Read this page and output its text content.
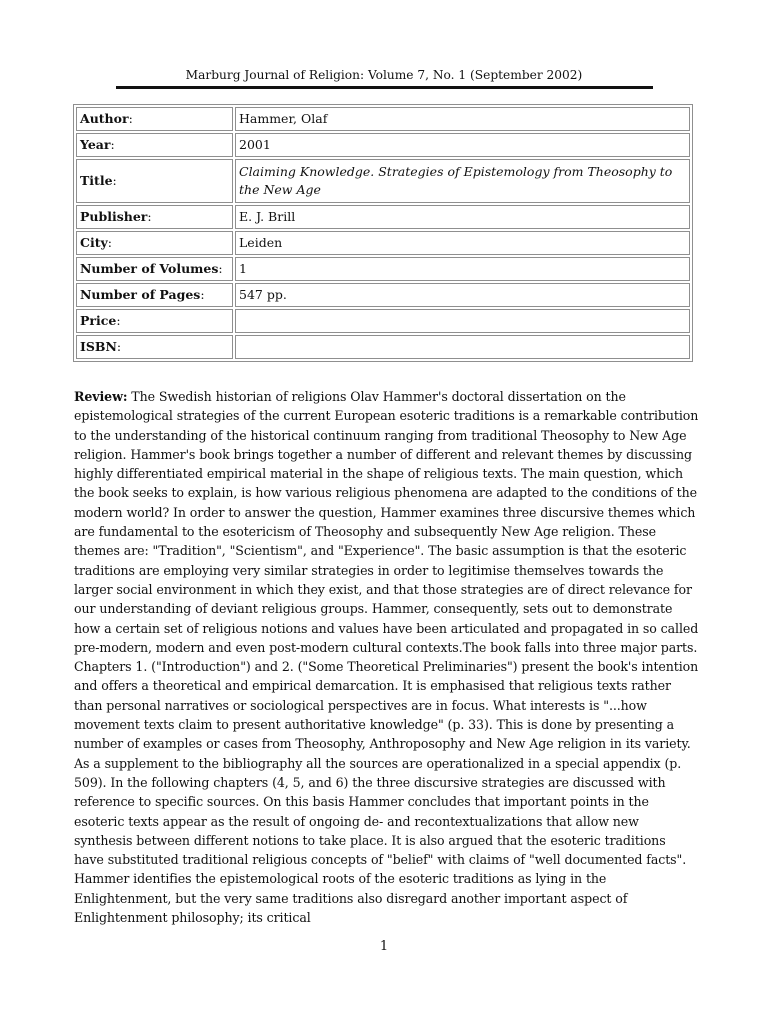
Marburg Journal of Religion: Volume 7, No. 1 (September 2002)
Author:	Hammer, Olaf
Year:	2001
Title:	Claiming Knowledge. Strategies of Epistemology from Theosophy to the New Age
Publisher:	E. J. Brill
City:	Leiden
Number of Volumes:	1
Number of Pages:	547 pp.
Price:	
ISBN:	

Review: The Swedish historian of religions Olav Hammer's doctoral dissertation on the epistemological strategies of the current European esoteric traditions is a remarkable contribution to the understanding of the historical continuum ranging from traditional Theosophy to New Age religion. Hammer's book brings together a number of different and relevant themes by discussing highly differentiated empirical material in the shape of religious texts. The main question, which the book seeks to explain, is how various religious phenomena are adapted to the conditions of the modern world? In order to answer the question, Hammer examines three discursive themes which are fundamental to the esotericism of Theosophy and subsequently New Age religion. These themes are: "Tradition", "Scientism", and "Experience". The basic assumption is that the esoteric traditions are employing very similar strategies in order to legitimise themselves towards the larger social environment in which they exist, and that those strategies are of direct relevance for our understanding of deviant religious groups. Hammer, consequently, sets out to demonstrate how a certain set of religious notions and values have been articulated and propagated in so called pre-modern, modern and even post-modern cultural contexts.The book falls into three major parts. Chapters 1. ("Introduction") and 2. ("Some Theoretical Preliminaries") present the book's intention and offers a theoretical and empirical demarcation. It is emphasised that religious texts rather than personal narratives or sociological perspectives are in focus. What interests is "...how movement texts claim to present authoritative knowledge" (p. 33). This is done by presenting a number of examples or cases from Theosophy, Anthroposophy and New Age religion in its variety. As a supplement to the bibliography all the sources are operationalized in a special appendix (p. 509). In the following chapters (4, 5, and 6) the three discursive strategies are discussed with reference to specific sources. On this basis Hammer concludes that important points in the esoteric texts appear as the result of ongoing de- and recontextualizations that allow new synthesis between different notions to take place. It is also argued that the esoteric traditions have substituted traditional religious concepts of "belief" with claims of "well documented facts". Hammer identifies the epistemological roots of the esoteric traditions as lying in the Enlightenment, but the very same traditions also disregard another important aspect of Enlightenment philosophy; its critical

1
